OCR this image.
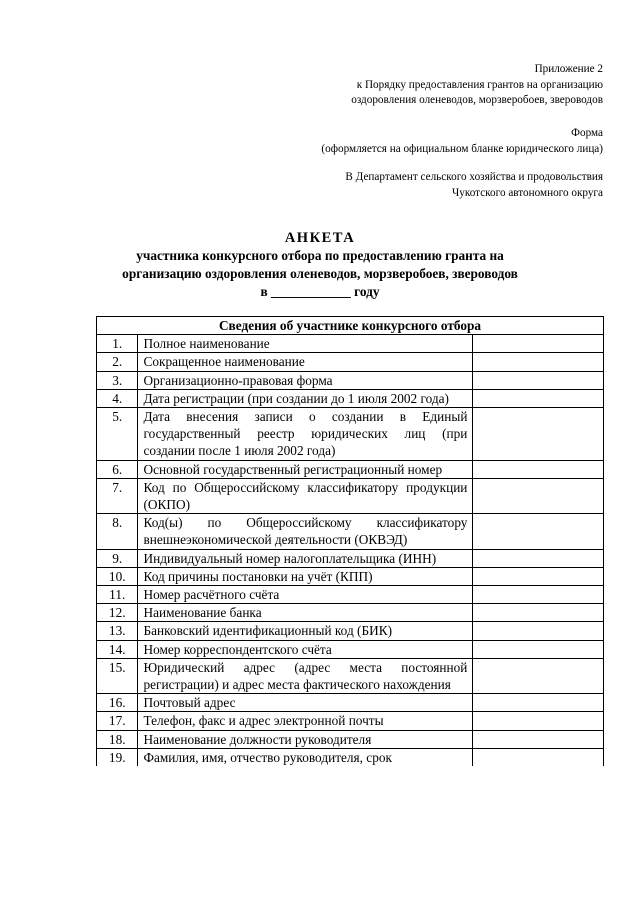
Приложение 2
к Порядку предоставления грантов на организацию
оздоровления оленеводов, морзверобоев, звероводов
Форма
(оформляется на официальном бланке юридического лица)
В Департамент сельского хозяйства и продовольствия
Чукотского автономного округа
АНКЕТА
участника конкурсного отбора по предоставлению гранта на
организацию оздоровления оленеводов, морзверобоев, звероводов
в ____________ году
Сведения об участнике конкурсного отбора		
1.	Полное наименование	
2.	Сокращенное наименование	
3.	Организационно-правовая форма	
4.	Дата регистрации (при создании до 1 июля 2002 года)	
5.	Дата внесения записи о создании в Единый государственный реестр юридических лиц (при создании после 1 июля 2002 года)	
6.	Основной государственный регистрационный номер	
7.	Код по Общероссийскому классификатору продукции (ОКПО)	
8.	Код(ы) по Общероссийскому классификатору внешнеэкономической деятельности (ОКВЭД)	
9.	Индивидуальный номер налогоплательщика (ИНН)	
10.	Код причины постановки на учёт (КПП)	
11.	Номер расчётного счёта	
12.	Наименование банка	
13.	Банковский идентификационный код (БИК)	
14.	Номер корреспондентского счёта	
15.	Юридический адрес (адрес места постоянной регистрации) и адрес места фактического нахождения	
16.	Почтовый адрес	
17.	Телефон, факс и адрес электронной почты	
18.	Наименование должности руководителя	
19.	Фамилия, имя, отчество руководителя, срок	
